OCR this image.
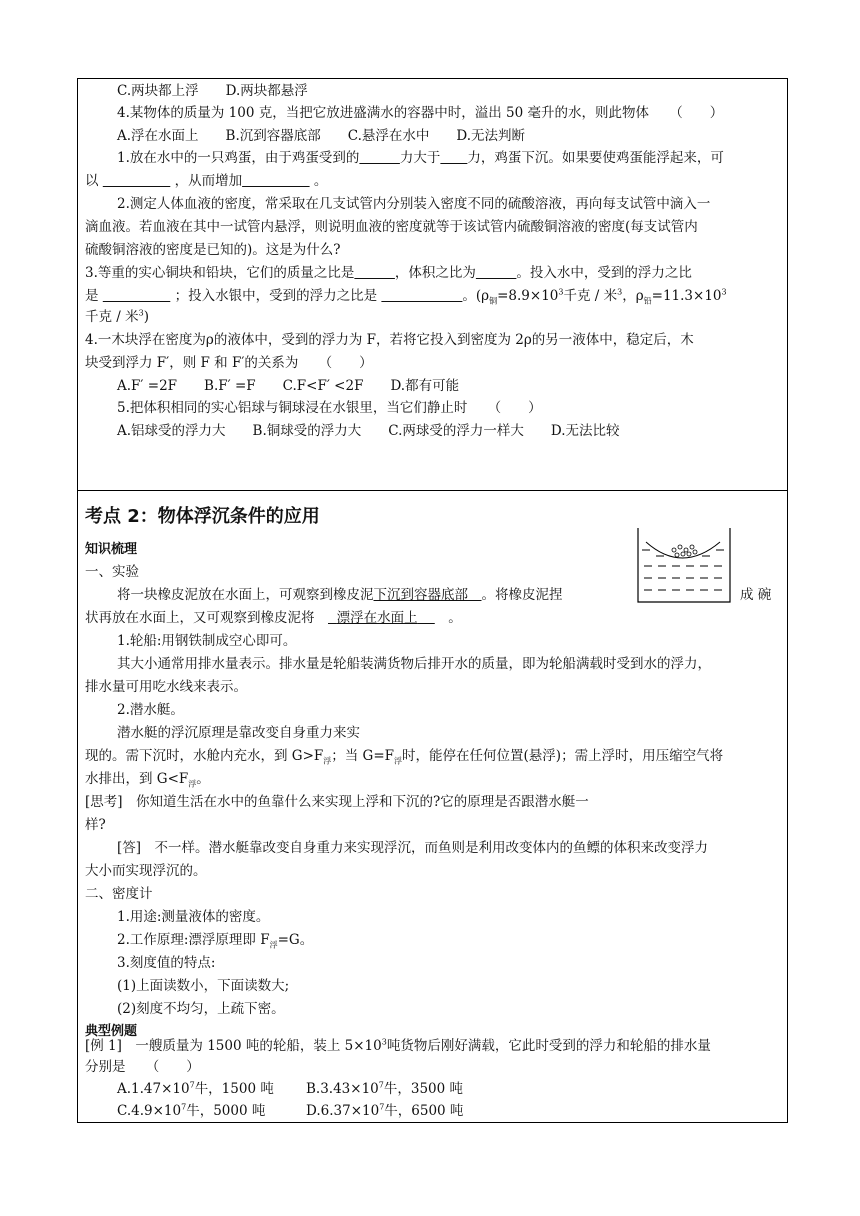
C.两块都上浮　　D.两块都悬浮
4.某物体的质量为 100 克，当把它放进盛满水的容器中时，溢出 50 毫升的水，则此物体　　（　　）
A.浮在水面上　　B.沉到容器底部　　C.悬浮在水中　　D.无法判断
1.放在水中的一只鸡蛋，由于鸡蛋受到的　　　	力大于　　 力，鸡蛋下沉。如果要使鸡蛋能浮起来，可
以 　　　　　	，从而增加　　　　　	。
2.测定人体血液的密度，常采取在几支试管内分别装入密度不同的硫酸溶液，再向每支试管中滴入一
滴血液。若血液在其中一试管内悬浮，则说明血液的密度就等于该试管内硫酸铜溶液的密度(每支试管内
硫酸铜溶液的密度是已知的)。这是为什么?
3.等重的实心铜块和铅块，它们的质量之比是　　　	，体积之比为　　　	。投入水中，受到的浮力之比
是 　　　　　	；投入水银中，受到的浮力之比是 　　　　　　	。($\rho_铜=8.9\times 10^3$千克 / 米$^3$，$\rho_铅=11.3\times 10^3$
千克 / 米$^3$)
4.一木块浮在密度为ρ的液体中，受到的浮力为 F，若将它投入到密度为 2ρ的另一液体中，稳定后，木
块受到浮力 F′，则 F 和 F′的关系为　　（　　）
A.F′ =2F　　B.F′ =F　　C.F<F′ <2F　　D.都有可能
5.把体积相同的实心铝球与铜球浸在水银里，当它们静止时　　（　　）
A.铝球受的浮力大　　B.铜球受的浮力大　　C.两球受的浮力一样大　　D.无法比较
考点 2：物体浮沉条件的应用
知识梳理
一、实验
将一块橡皮泥放在水面上，可观察到橡皮泥下沉到容器底部　 。将橡皮泥捏	成 碗
状再放在水面上，又可观察到橡皮泥将　 漂浮在水面上    　 。
1.轮船:用钢铁制成空心即可。
其大小通常用排水量表示。排水量是轮船装满货物后排开水的质量，即为轮船满载时受到水的浮力，
排水量可用吃水线来表示。
2.潜水艇。
潜水艇的浮沉原理是靠改变自身重力来实
现的。需下沉时，水舱内充水，到 $G>F_浮$；当 $G=F_浮$时，能停在任何位置(悬浮)；需上浮时，用压缩空气将
水排出，到 $G<F_浮$。
[思考]　你知道生活在水中的鱼靠什么来实现上浮和下沉的?它的原理是否跟潜水艇一
样?
[答]　不一样。潜水艇靠改变自身重力来实现浮沉，而鱼则是利用改变体内的鱼鳔的体积来改变浮力
大小而实现浮沉的。
二、密度计
1.用途:测量液体的密度。
2.工作原理:漂浮原理即 $F_浮=G$。
3.刻度值的特点:
(1)上面读数小，下面读数大;
(2)刻度不均匀，上疏下密。
典型例题
[例 1]　一艘质量为 1500 吨的轮船，装上 $5\times 10^3$吨货物后刚好满载，它此时受到的浮力和轮船的排水量
分别是　　（　　）
$A.1.47\times 10^7$牛，1500 吨 $B.3.43\times 10^7$牛，3500 吨
$C.4.9\times 10^7$牛，5000 吨	$D.6.37\times 10^7$牛，6500 吨
